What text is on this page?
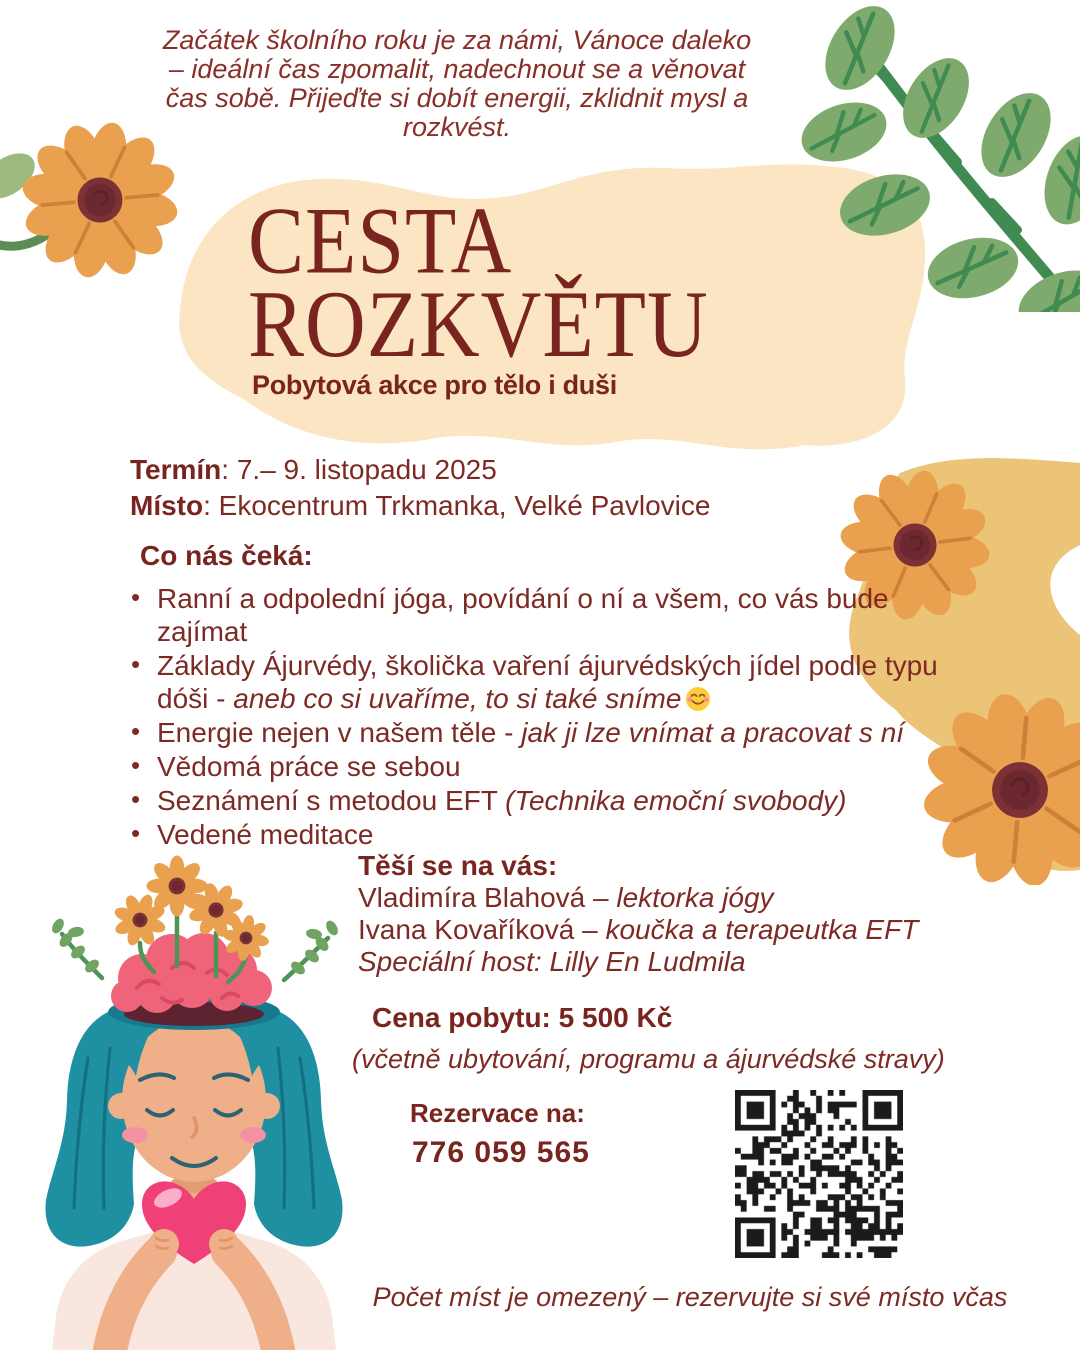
Začátek školního roku je za námi, Vánoce daleko – ideální čas zpomalit, nadechnout se a věnovat čas sobě. Přijeďte si dobít energii, zklidnit mysl a rozkvést.
CESTA
ROZKVĚTU
Pobytová akce pro tělo i duši
Termín: 7.– 9. listopadu 2025
Místo: Ekocentrum Trkmanka, Velké Pavlovice
Co nás čeká:
• Ranní a odpolední jóga, povídání o ní a všem, co vás bude zajímat
• Základy Ájurvédy, školička vaření ájurvédských jídel podle typu dóši - aneb co si uvaříme, to si také sníme
• Energie nejen v našem těle - jak ji lze vnímat a pracovat s ní
• Vědomá práce se sebou
• Seznámení s metodou EFT (Technika emoční svobody)
• Vedené meditace
Těší se na vás:
Vladimíra Blahová – lektorka jógy
Ivana Kovaříková – koučka a terapeutka EFT
Speciální host: Lilly En Ludmila
Cena pobytu: 5 500 Kč
(včetně ubytování, programu a ájurvédské stravy)
Rezervace na:
776 059 565
Počet míst je omezený – rezervujte si své místo včas
